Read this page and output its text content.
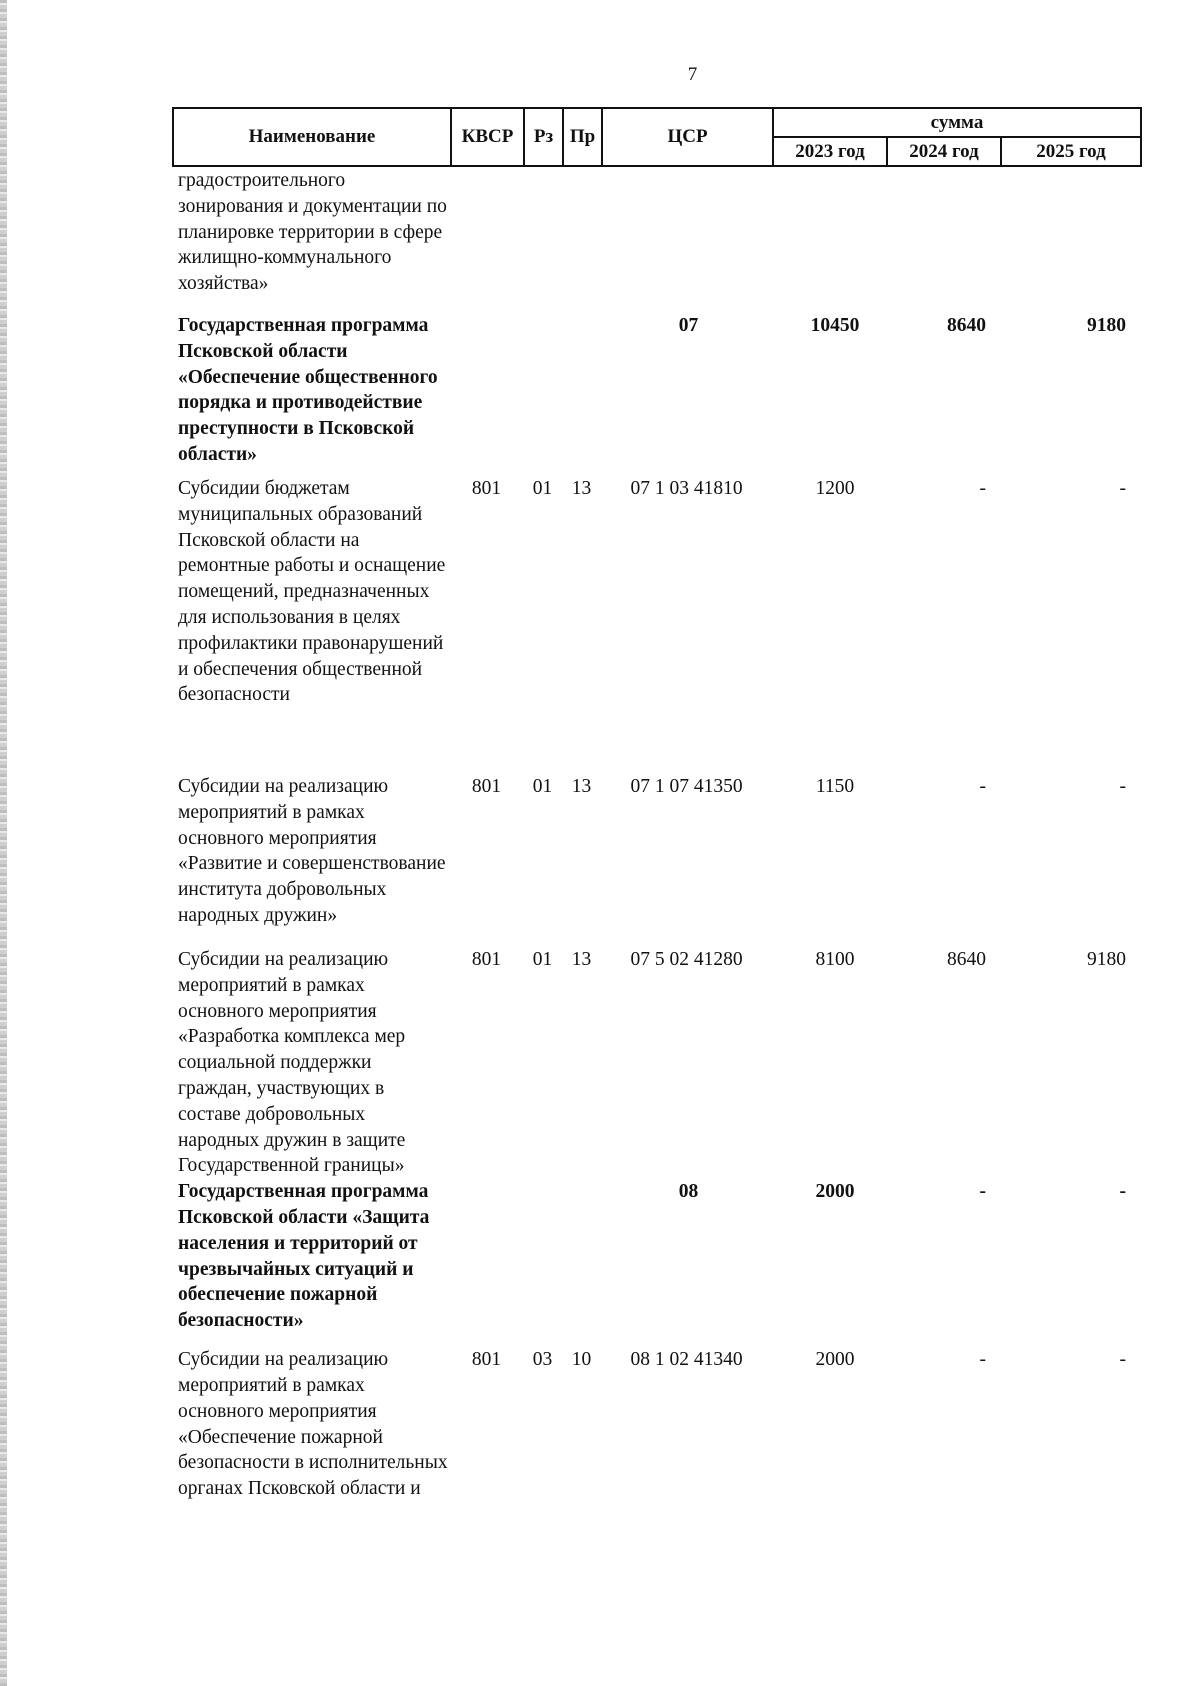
7
Наименование	КВСР	Рз	Пр	ЦСР	сумма		
					2023 год	2024 год	2025 год
градостроительного зонирования и документации по планировке территории в сфере жилищно-коммунального хозяйства»							
Государственная программа Псковской области «Обеспечение общественного порядка и противодействие преступности в Псковской области»				07	10450	8640	9180
Субсидии бюджетам муниципальных образований Псковской области на ремонтные работы и оснащение помещений, предназначенных для использования в целях профилактики правонарушений и обеспечения общественной безопасности	801	01	13	07 1 03 41810	1200	-	-
Субсидии на реализацию мероприятий в рамках основного мероприятия «Развитие и совершенствование института добровольных народных дружин»	801	01	13	07 1 07 41350	1150	-	-
Субсидии на реализацию мероприятий в рамках основного мероприятия «Разработка комплекса мер социальной поддержки граждан, участвующих в составе добровольных народных дружин в защите Государственной границы»	801	01	13	07 5 02 41280	8100	8640	9180
Государственная программа Псковской области «Защита населения и территорий от чрезвычайных ситуаций и обеспечение пожарной безопасности»				08	2000	-	-
Субсидии на реализацию мероприятий в рамках основного мероприятия «Обеспечение пожарной безопасности в исполнительных органах Псковской области и	801	03	10	08 1 02 41340	2000	-	-
